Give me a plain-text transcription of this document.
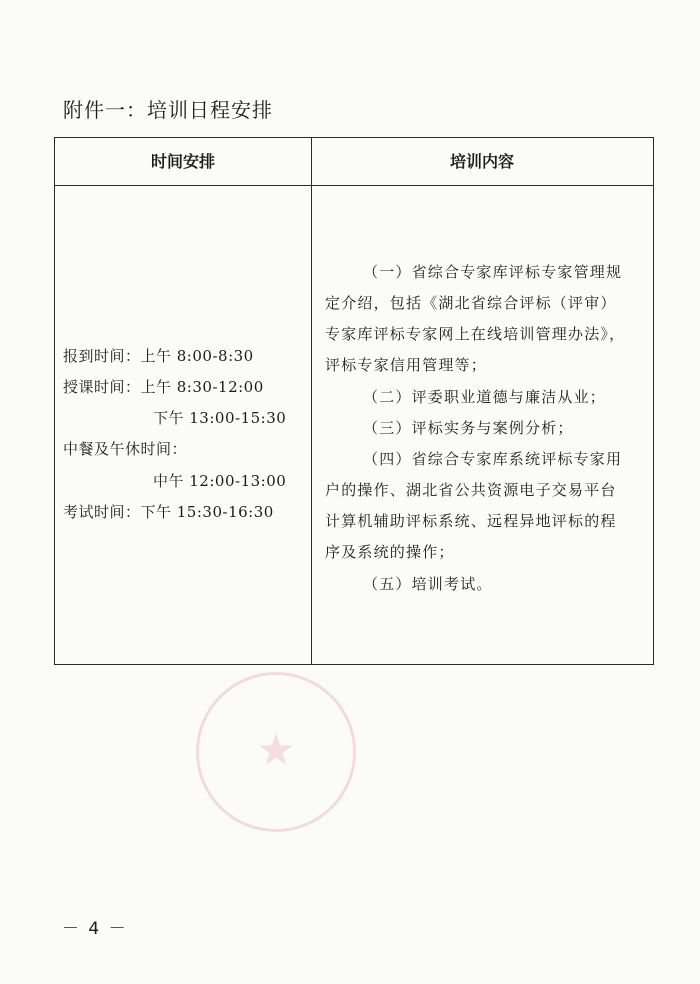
附件一：培训日程安排
时间安排	培训内容
报到时间：上午 8:00-8:30
授课时间：上午 8:30-12:00
下午 13:00-15:30
中餐及午休时间：
中午 12:00-13:00
考试时间：下午 15:30-16:30
（一）省综合专家库评标专家管理规
定介绍，包括《湖北省综合评标（评审）
专家库评标专家网上在线培训管理办法》，
评标专家信用管理等；
（二）评委职业道德与廉洁从业；
（三）评标实务与案例分析；
（四）省综合专家库系统评标专家用
户的操作、湖北省公共资源电子交易平台
计算机辅助评标系统、远程异地评标的程
序及系统的操作；
（五）培训考试。
★
－ 4 －
